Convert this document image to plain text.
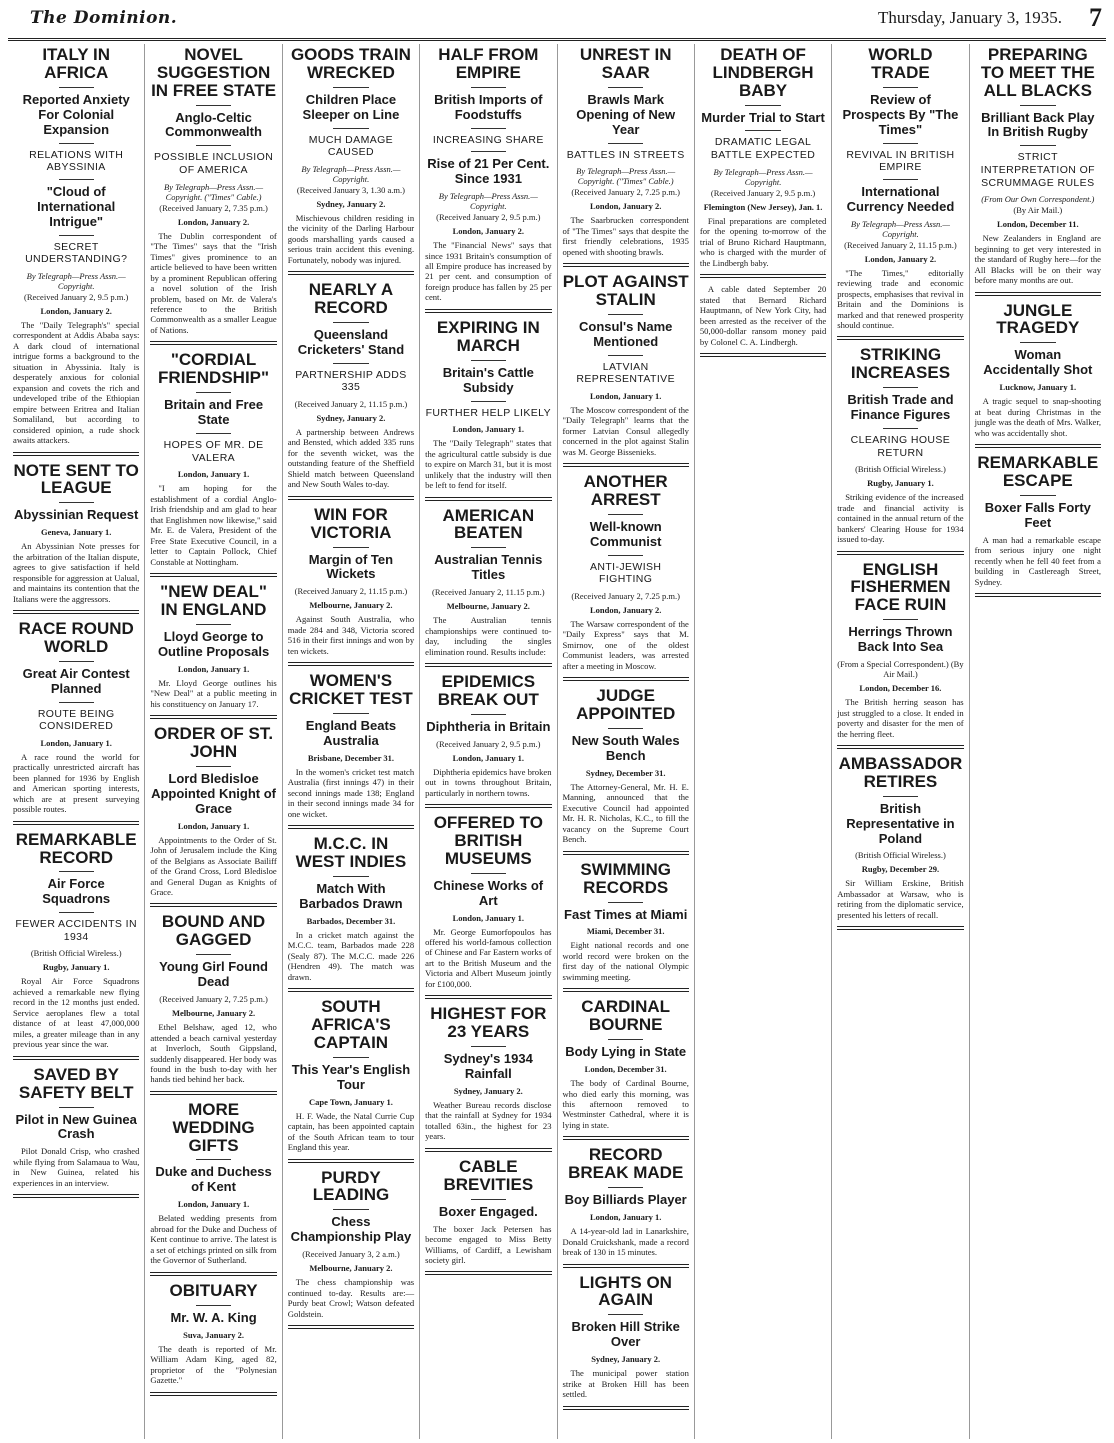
The Dominion.	Thursday, January 3, 1935. 7
ITALY IN AFRICA
Reported Anxiety For Colonial Expansion
RELATIONS WITH ABYSSINIA
"Cloud of International Intrigue"
SECRET UNDERSTANDING?
By Telegraph—Press Assn.—Copyright.
(Received January 2, 9.5 p.m.)
London, January 2.

The "Daily Telegraph's" special correspondent at Addis Ababa says: A dark cloud of international intrigue forms a background to the situation in Abyssinia. Italy is desperately anxious for colonial expansion and covets the rich and undeveloped tribe of the Ethiopian empire between Eritrea and Italian Somaliland, but according to considered opinion, a rude shock awaits attackers.

NOTE SENT TO LEAGUE
Abyssinian Request
Geneva, January 1.

An Abyssinian Note presses for the arbitration of the Italian dispute, agrees to give satisfaction if held responsible for aggression at Ualual, and maintains its contention that the Italians were the aggressors.

RACE ROUND WORLD
Great Air Contest Planned
ROUTE BEING CONSIDERED
London, January 1.

A race round the world for practically unrestricted aircraft has been planned for 1936 by English and American sporting interests, which are at present surveying possible routes.

REMARKABLE RECORD
Air Force Squadrons
FEWER ACCIDENTS IN 1934
(British Official Wireless.)
Rugby, January 1.

Royal Air Force Squadrons achieved a remarkable new flying record in the 12 months just ended. Service aeroplanes flew a total distance of at least 47,000,000 miles, a greater mileage than in any previous year since the war.

SAVED BY SAFETY BELT
Pilot in New Guinea Crash

Pilot Donald Crisp, who crashed while flying from Salamaua to Wau, in New Guinea, related his experiences in an interview.

NOVEL SUGGESTION IN FREE STATE
Anglo-Celtic Commonwealth
POSSIBLE INCLUSION OF AMERICA
By Telegraph—Press Assn.—Copyright. ("Times" Cable.)
(Received January 2, 7.35 p.m.)
London, January 2.

The Dublin correspondent of "The Times" says that the "Irish Times" gives prominence to an article believed to have been written by a prominent Republican offering a novel solution of the Irish problem, based on Mr. de Valera's reference to the British Commonwealth as a smaller League of Nations.

"CORDIAL FRIENDSHIP"
Britain and Free State
HOPES OF MR. DE VALERA
London, January 1.

"I am hoping for the establishment of a cordial Anglo-Irish friendship and am glad to hear that Englishmen now likewise," said Mr. E. de Valera, President of the Free State Executive Council, in a letter to Captain Pollock, Chief Constable at Nottingham.

"NEW DEAL" IN ENGLAND
Lloyd George to Outline Proposals
London, January 1.

Mr. Lloyd George outlines his "New Deal" at a public meeting in his constituency on January 17.

ORDER OF ST. JOHN
Lord Bledisloe Appointed Knight of Grace
London, January 1.

Appointments to the Order of St. John of Jerusalem include the King of the Belgians as Associate Bailiff of the Grand Cross, Lord Bledisloe and General Dugan as Knights of Grace.

BOUND AND GAGGED
Young Girl Found Dead
(Received January 2, 7.25 p.m.)
Melbourne, January 2.

Ethel Belshaw, aged 12, who attended a beach carnival yesterday at Inverloch, South Gippsland, suddenly disappeared. Her body was found in the bush to-day with her hands tied behind her back.

MORE WEDDING GIFTS
Duke and Duchess of Kent
London, January 1.

Belated wedding presents from abroad for the Duke and Duchess of Kent continue to arrive. The latest is a set of etchings printed on silk from the Governor of Sutherland.

OBITUARY
Mr. W. A. King
Suva, January 2.

The death is reported of Mr. William Adam King, aged 82, proprietor of the "Polynesian Gazette."

GOODS TRAIN WRECKED
Children Place Sleeper on Line
MUCH DAMAGE CAUSED
By Telegraph—Press Assn.—Copyright.
(Received January 3, 1.30 a.m.)
Sydney, January 2.

Mischievous children residing in the vicinity of the Darling Harbour goods marshalling yards caused a serious train accident this evening. Fortunately, nobody was injured.

NEARLY A RECORD
Queensland Cricketers' Stand
PARTNERSHIP ADDS 335
(Received January 2, 11.15 p.m.)
Sydney, January 2.

A partnership between Andrews and Bensted, which added 335 runs for the seventh wicket, was the outstanding feature of the Sheffield Shield match between Queensland and New South Wales to-day.

WIN FOR VICTORIA
Margin of Ten Wickets
(Received January 2, 11.15 p.m.)
Melbourne, January 2.

Against South Australia, who made 284 and 348, Victoria scored 516 in their first innings and won by ten wickets.

WOMEN'S CRICKET TEST
England Beats Australia
Brisbane, December 31.

In the women's cricket test match Australia (first innings 47) in their second innings made 138; England in their second innings made 34 for one wicket.

M.C.C. IN WEST INDIES
Match With Barbados Drawn
Barbados, December 31.

In a cricket match against the M.C.C. team, Barbados made 228 (Sealy 87). The M.C.C. made 226 (Hendren 49). The match was drawn.

SOUTH AFRICA'S CAPTAIN
This Year's English Tour
Cape Town, January 1.

H. F. Wade, the Natal Currie Cup captain, has been appointed captain of the South African team to tour England this year.

PURDY LEADING
Chess Championship Play
(Received January 3, 2 a.m.)
Melbourne, January 2.

The chess championship was continued to-day. Results are:—Purdy beat Crowl; Watson defeated Goldstein.

HALF FROM EMPIRE
British Imports of Foodstuffs
INCREASING SHARE
Rise of 21 Per Cent. Since 1931
By Telegraph—Press Assn.—Copyright.
(Received January 2, 9.5 p.m.)
London, January 2.

The "Financial News" says that since 1931 Britain's consumption of all Empire produce has increased by 21 per cent. and consumption of foreign produce has fallen by 25 per cent.

EXPIRING IN MARCH
Britain's Cattle Subsidy
FURTHER HELP LIKELY
London, January 1.

The "Daily Telegraph" states that the agricultural cattle subsidy is due to expire on March 31, but it is most unlikely that the industry will then be left to fend for itself.

AMERICAN BEATEN
Australian Tennis Titles
(Received January 2, 11.15 p.m.)
Melbourne, January 2.

The Australian tennis championships were continued to-day, including the singles elimination round. Results include:

EPIDEMICS BREAK OUT
Diphtheria in Britain
(Received January 2, 9.5 p.m.)
London, January 1.

Diphtheria epidemics have broken out in towns throughout Britain, particularly in northern towns.

OFFERED TO BRITISH MUSEUMS
Chinese Works of Art
London, January 1.

Mr. George Eumorfopoulos has offered his world-famous collection of Chinese and Far Eastern works of art to the British Museum and the Victoria and Albert Museum jointly for £100,000.

HIGHEST FOR 23 YEARS
Sydney's 1934 Rainfall
Sydney, January 2.

Weather Bureau records disclose that the rainfall at Sydney for 1934 totalled 63in., the highest for 23 years.

CABLE BREVITIES
Boxer Engaged.

The boxer Jack Petersen has become engaged to Miss Betty Williams, of Cardiff, a Lewisham society girl.

UNREST IN SAAR
Brawls Mark Opening of New Year
BATTLES IN STREETS
By Telegraph—Press Assn.—Copyright. ("Times" Cable.)
(Received January 2, 7.25 p.m.)
London, January 2.

The Saarbrucken correspondent of "The Times" says that despite the first friendly celebrations, 1935 opened with shooting brawls.

PLOT AGAINST STALIN
Consul's Name Mentioned
LATVIAN REPRESENTATIVE
London, January 1.

The Moscow correspondent of the "Daily Telegraph" learns that the former Latvian Consul allegedly concerned in the plot against Stalin was M. George Bissenieks.

ANOTHER ARREST
Well-known Communist
ANTI-JEWISH FIGHTING
(Received January 2, 7.25 p.m.)
London, January 2.

The Warsaw correspondent of the "Daily Express" says that M. Smirnov, one of the oldest Communist leaders, was arrested after a meeting in Moscow.

JUDGE APPOINTED
New South Wales Bench
Sydney, December 31.

The Attorney-General, Mr. H. E. Manning, announced that the Executive Council had appointed Mr. H. R. Nicholas, K.C., to fill the vacancy on the Supreme Court Bench.

SWIMMING RECORDS
Fast Times at Miami
Miami, December 31.

Eight national records and one world record were broken on the first day of the national Olympic swimming meeting.

CARDINAL BOURNE
Body Lying in State
London, December 31.

The body of Cardinal Bourne, who died early this morning, was this afternoon removed to Westminster Cathedral, where it is lying in state.

RECORD BREAK MADE
Boy Billiards Player
London, January 1.

A 14-year-old lad in Lanarkshire, Donald Cruickshank, made a record break of 130 in 15 minutes.

LIGHTS ON AGAIN
Broken Hill Strike Over
Sydney, January 2.

The municipal power station strike at Broken Hill has been settled.

DEATH OF LINDBERGH BABY
Murder Trial to Start
DRAMATIC LEGAL BATTLE EXPECTED
By Telegraph—Press Assn.—Copyright.
(Received January 2, 9.5 p.m.)
Flemington (New Jersey), Jan. 1.

Final preparations are completed for the opening to-morrow of the trial of Bruno Richard Hauptmann, who is charged with the murder of the Lindbergh baby.

A cable dated September 20 stated that Bernard Richard Hauptmann, of New York City, had been arrested as the receiver of the 50,000-dollar ransom money paid by Colonel C. A. Lindbergh.

WORLD TRADE
Review of Prospects By "The Times"
REVIVAL IN BRITISH EMPIRE
International Currency Needed
By Telegraph—Press Assn.—Copyright.
(Received January 2, 11.15 p.m.)
London, January 2.

"The Times," editorially reviewing trade and economic prospects, emphasises that revival in Britain and the Dominions is marked and that renewed prosperity should continue.

STRIKING INCREASES
British Trade and Finance Figures
CLEARING HOUSE RETURN
(British Official Wireless.)
Rugby, January 1.

Striking evidence of the increased trade and financial activity is contained in the annual return of the bankers' Clearing House for 1934 issued to-day.

ENGLISH FISHERMEN FACE RUIN
Herrings Thrown Back Into Sea
(From a Special Correspondent.) (By Air Mail.)
London, December 16.

The British herring season has just struggled to a close. It ended in poverty and disaster for the men of the herring fleet.

AMBASSADOR RETIRES
British Representative in Poland
(British Official Wireless.)
Rugby, December 29.

Sir William Erskine, British Ambassador at Warsaw, who is retiring from the diplomatic service, presented his letters of recall.

PREPARING TO MEET THE ALL BLACKS
Brilliant Back Play In British Rugby
STRICT INTERPRETATION OF SCRUMMAGE RULES
(From Our Own Correspondent.)
(By Air Mail.)
London, December 11.

New Zealanders in England are beginning to get very interested in the standard of Rugby here—for the All Blacks will be on their way before many months are out.

JUNGLE TRAGEDY
Woman Accidentally Shot
Lucknow, January 1.

A tragic sequel to snap-shooting at beat during Christmas in the jungle was the death of Mrs. Walker, who was accidentally shot.

REMARKABLE ESCAPE
Boxer Falls Forty Feet

A man had a remarkable escape from serious injury one night recently when he fell 40 feet from a building in Castlereagh Street, Sydney.
